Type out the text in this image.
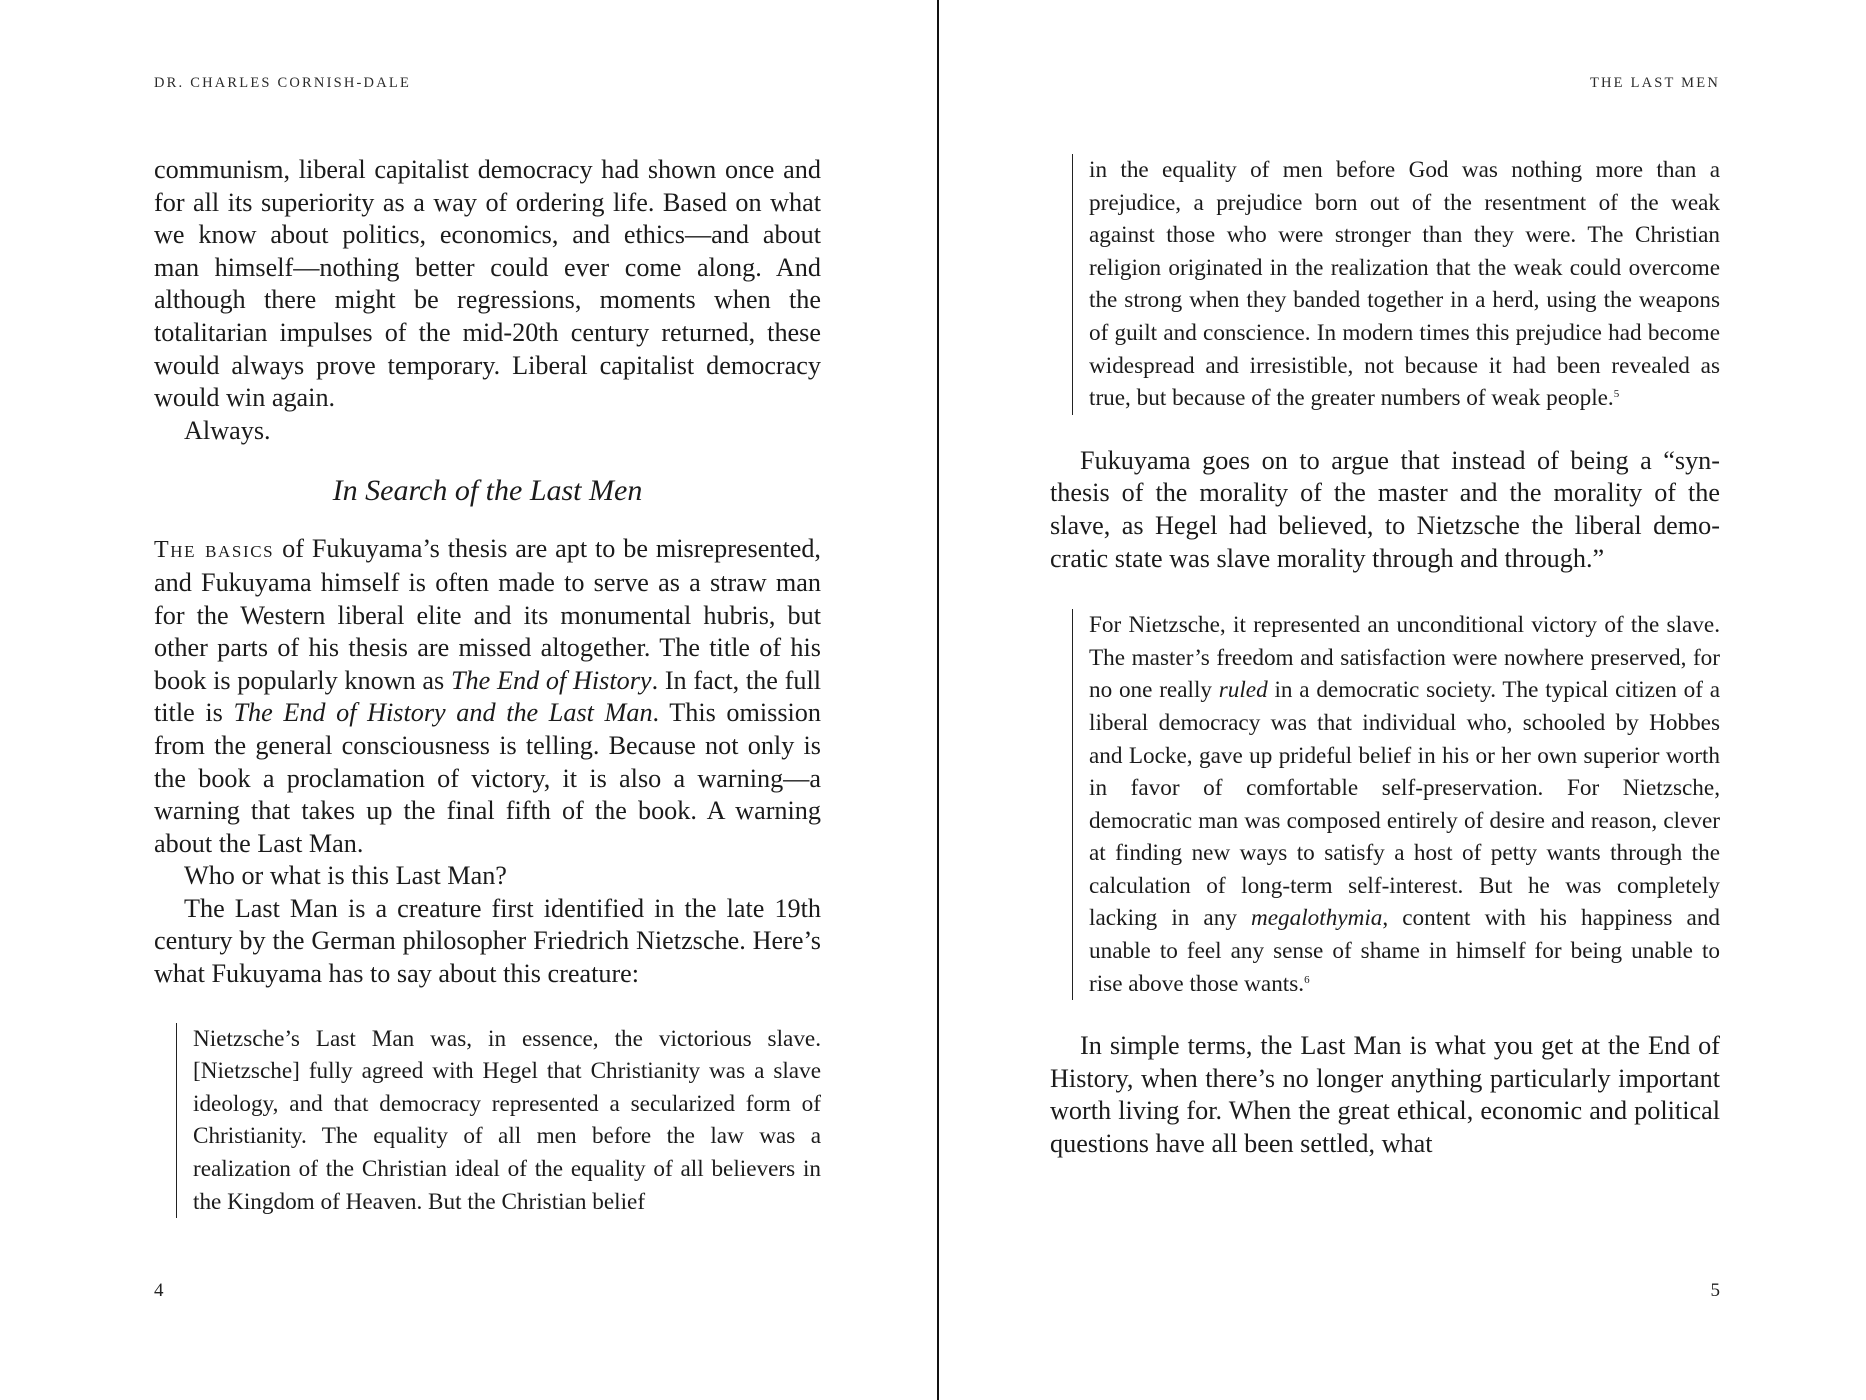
DR. CHARLES CORNISH-DALE

communism, liberal capitalist democracy had shown once and for all its superiority as a way of ordering life. Based on what we know about politics, economics, and ethics—and about man himself—nothing better could ever come along. And although there might be regressions, moments when the totalitarian impulses of the mid-20th century returned, these would always prove temporary. Liberal capitalist democracy would win again.

Always.

In Search of the Last Men

The basics of Fukuyama’s thesis are apt to be misrepresented, and Fukuyama himself is often made to serve as a straw man for the Western liberal elite and its monumental hubris, but other parts of his thesis are missed altogether. The title of his book is popularly known as The End of History. In fact, the full title is The End of History and the Last Man. This omission from the general consciousness is telling. Because not only is the book a proclamation of victory, it is also a warning—a warning that takes up the final fifth of the book. A warning about the Last Man.

Who or what is this Last Man?

The Last Man is a creature first identified in the late 19th century by the German philosopher Friedrich Nietzsche. Here’s what Fukuyama has to say about this creature:

Nietzsche’s Last Man was, in essence, the victorious slave. [Nietzsche] fully agreed with Hegel that Christianity was a slave ideology, and that democracy represented a secularized form of Christianity. The equality of all men before the law was a realization of the Christian ideal of the equality of all believers in the Kingdom of Heaven. But the Christian belief
4
THE LAST MEN
in the equality of men before God was nothing more than a prejudice, a prejudice born out of the resentment of the weak against those who were stronger than they were. The Christian religion originated in the realization that the weak could overcome the strong when they banded together in a herd, using the weapons of guilt and conscience. In modern times this prejudice had become widespread and irresistible, not because it had been revealed as true, but because of the greater numbers of weak people.$^5$

Fukuyama goes on to argue that instead of being a “synthesis of the morality of the master and the morality of the slave, as Hegel had believed, to Nietzsche the liberal democratic state was slave morality through and through.”

For Nietzsche, it represented an unconditional victory of the slave. The master’s freedom and satisfaction were nowhere preserved, for no one really ruled in a democratic society. The typical citizen of a liberal democracy was that individual who, schooled by Hobbes and Locke, gave up prideful belief in his or her own superior worth in favor of comfortable self-preservation. For Nietzsche, democratic man was composed entirely of desire and reason, clever at finding new ways to satisfy a host of petty wants through the calculation of long-term self-interest. But he was completely lacking in any megalothymia, content with his happiness and unable to feel any sense of shame in himself for being unable to rise above those wants.$^6$

In simple terms, the Last Man is what you get at the End of History, when there’s no longer anything particularly important worth living for. When the great ethical, economic and political questions have all been settled, what

5
